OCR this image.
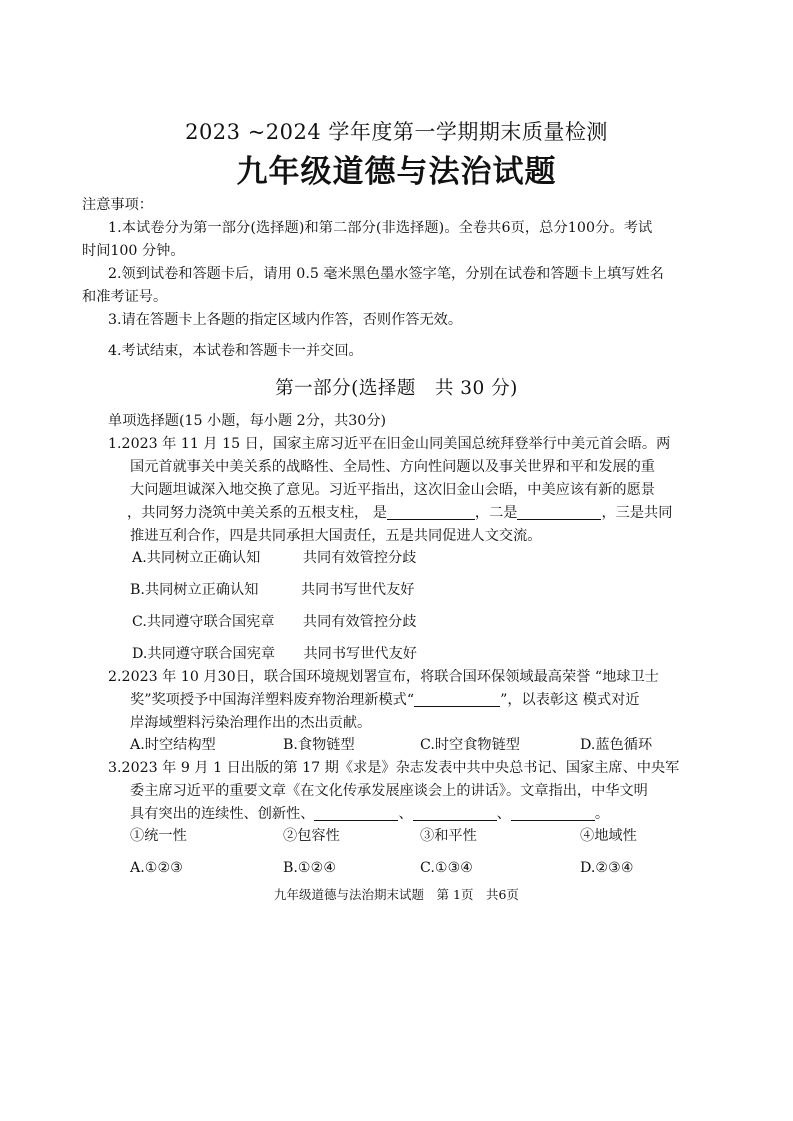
2023 ~2024 学年度第一学期期末质量检测
九年级道德与法治试题
注意事项：
1.本试卷分为第一部分(选择题)和第二部分(非选择题)。全卷共6页，总分100分。考试
时间100 分钟。
2.领到试卷和答题卡后，请用 0.5 毫米黑色墨水签字笔，分别在试卷和答题卡上填写姓名
和准考证号。
3.请在答题卡上各题的指定区域内作答，否则作答无效。
4.考试结束，本试卷和答题卡一并交回。
第一部分(选择题　共 30 分)
单项选择题(15 小题，每小题 2分，共30分)
1.2023 年 11 月 15 日，国家主席习近平在旧金山同美国总统拜登举行中美元首会晤。两
国元首就事关中美关系的战略性、全局性、方向性问题以及事关世界和平和发展的重
大问题坦诚深入地交换了意见。习近平指出，这次旧金山会晤，中美应该有新的愿景
，共同努力浇筑中美关系的五根支柱， 是	，二是	，三是共同
推进互利合作，四是共同承担大国责任，五是共同促进人文交流。
A.共同树立正确认知　　　共同有效管控分歧
B.共同树立正确认知　　　共同书写世代友好
C.共同遵守联合国宪章　　共同有效管控分歧
D.共同遵守联合国宪章　　共同书写世代友好
2.2023 年 10 月30日，联合国环境规划署宣布，将联合国环保领域最高荣誉 “地球卫士
奖”奖项授予中国海洋塑料废弃物治理新模式“	”，以表彰这 模式对近
岸海域塑料污染治理作出的杰出贡献。
A.时空结构型	B.食物链型	C.时空食物链型	D.蓝色循环
3.2023 年 9 月 1 日出版的第 17 期《求是》杂志发表中共中央总书记、国家主席、中央军
委主席习近平的重要文章《在文化传承发展座谈会上的讲话》。文章指出，中华文明
具有突出的连续性、创新性、	、	、	。
①统一性	②包容性	③和平性	④地域性
A.①②③	B.①②④	C.①③④	D.②③④
九年级道德与法治期末试题　第 1页　共6页
